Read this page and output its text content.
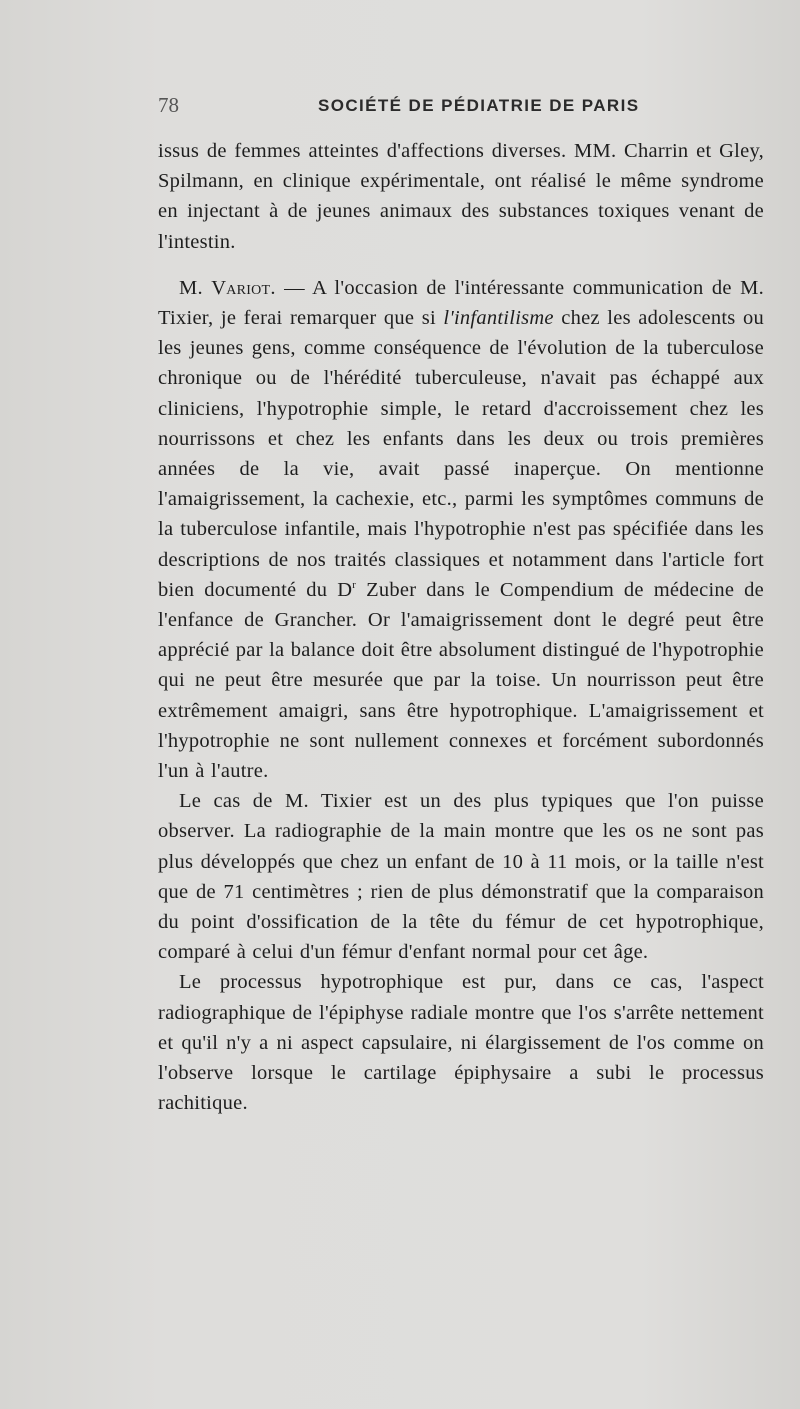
78	SOCIÉTÉ DE PÉDIATRIE DE PARIS

issus de femmes atteintes d'affections diverses. MM. Charrin et Gley, Spilmann, en clinique expérimentale, ont réalisé le même syndrome en injectant à de jeunes animaux des substances toxiques venant de l'intestin.

M. Variot. — A l'occasion de l'intéressante communication de M. Tixier, je ferai remarquer que si l'infantilisme chez les adolescents ou les jeunes gens, comme conséquence de l'évolution de la tuberculose chronique ou de l'hérédité tuberculeuse, n'avait pas échappé aux cliniciens, l'hypotrophie simple, le retard d'accroissement chez les nourrissons et chez les enfants dans les deux ou trois premières années de la vie, avait passé inaperçue. On mentionne l'amaigrissement, la cachexie, etc., parmi les symptômes communs de la tuberculose infantile, mais l'hypotrophie n'est pas spécifiée dans les descriptions de nos traités classiques et notamment dans l'article fort bien documenté du $D^r$ Zuber dans le Compendium de médecine de l'enfance de Grancher. Or l'amaigrissement dont le degré peut être apprécié par la balance doit être absolument distingué de l'hypotrophie qui ne peut être mesurée que par la toise. Un nourrisson peut être extrêmement amaigri, sans être hypotrophique. L'amaigrissement et l'hypotrophie ne sont nullement connexes et forcément subordonnés l'un à l'autre.

Le cas de M. Tixier est un des plus typiques que l'on puisse observer. La radiographie de la main montre que les os ne sont pas plus développés que chez un enfant de 10 à 11 mois, or la taille n'est que de 71 centimètres ; rien de plus démonstratif que la comparaison du point d'ossification de la tête du fémur de cet hypotrophique, comparé à celui d'un fémur d'enfant normal pour cet âge.

Le processus hypotrophique est pur, dans ce cas, l'aspect radiographique de l'épiphyse radiale montre que l'os s'arrête nettement et qu'il n'y a ni aspect capsulaire, ni élargissement de l'os comme on l'observe lorsque le cartilage épiphysaire a subi le processus rachitique.
